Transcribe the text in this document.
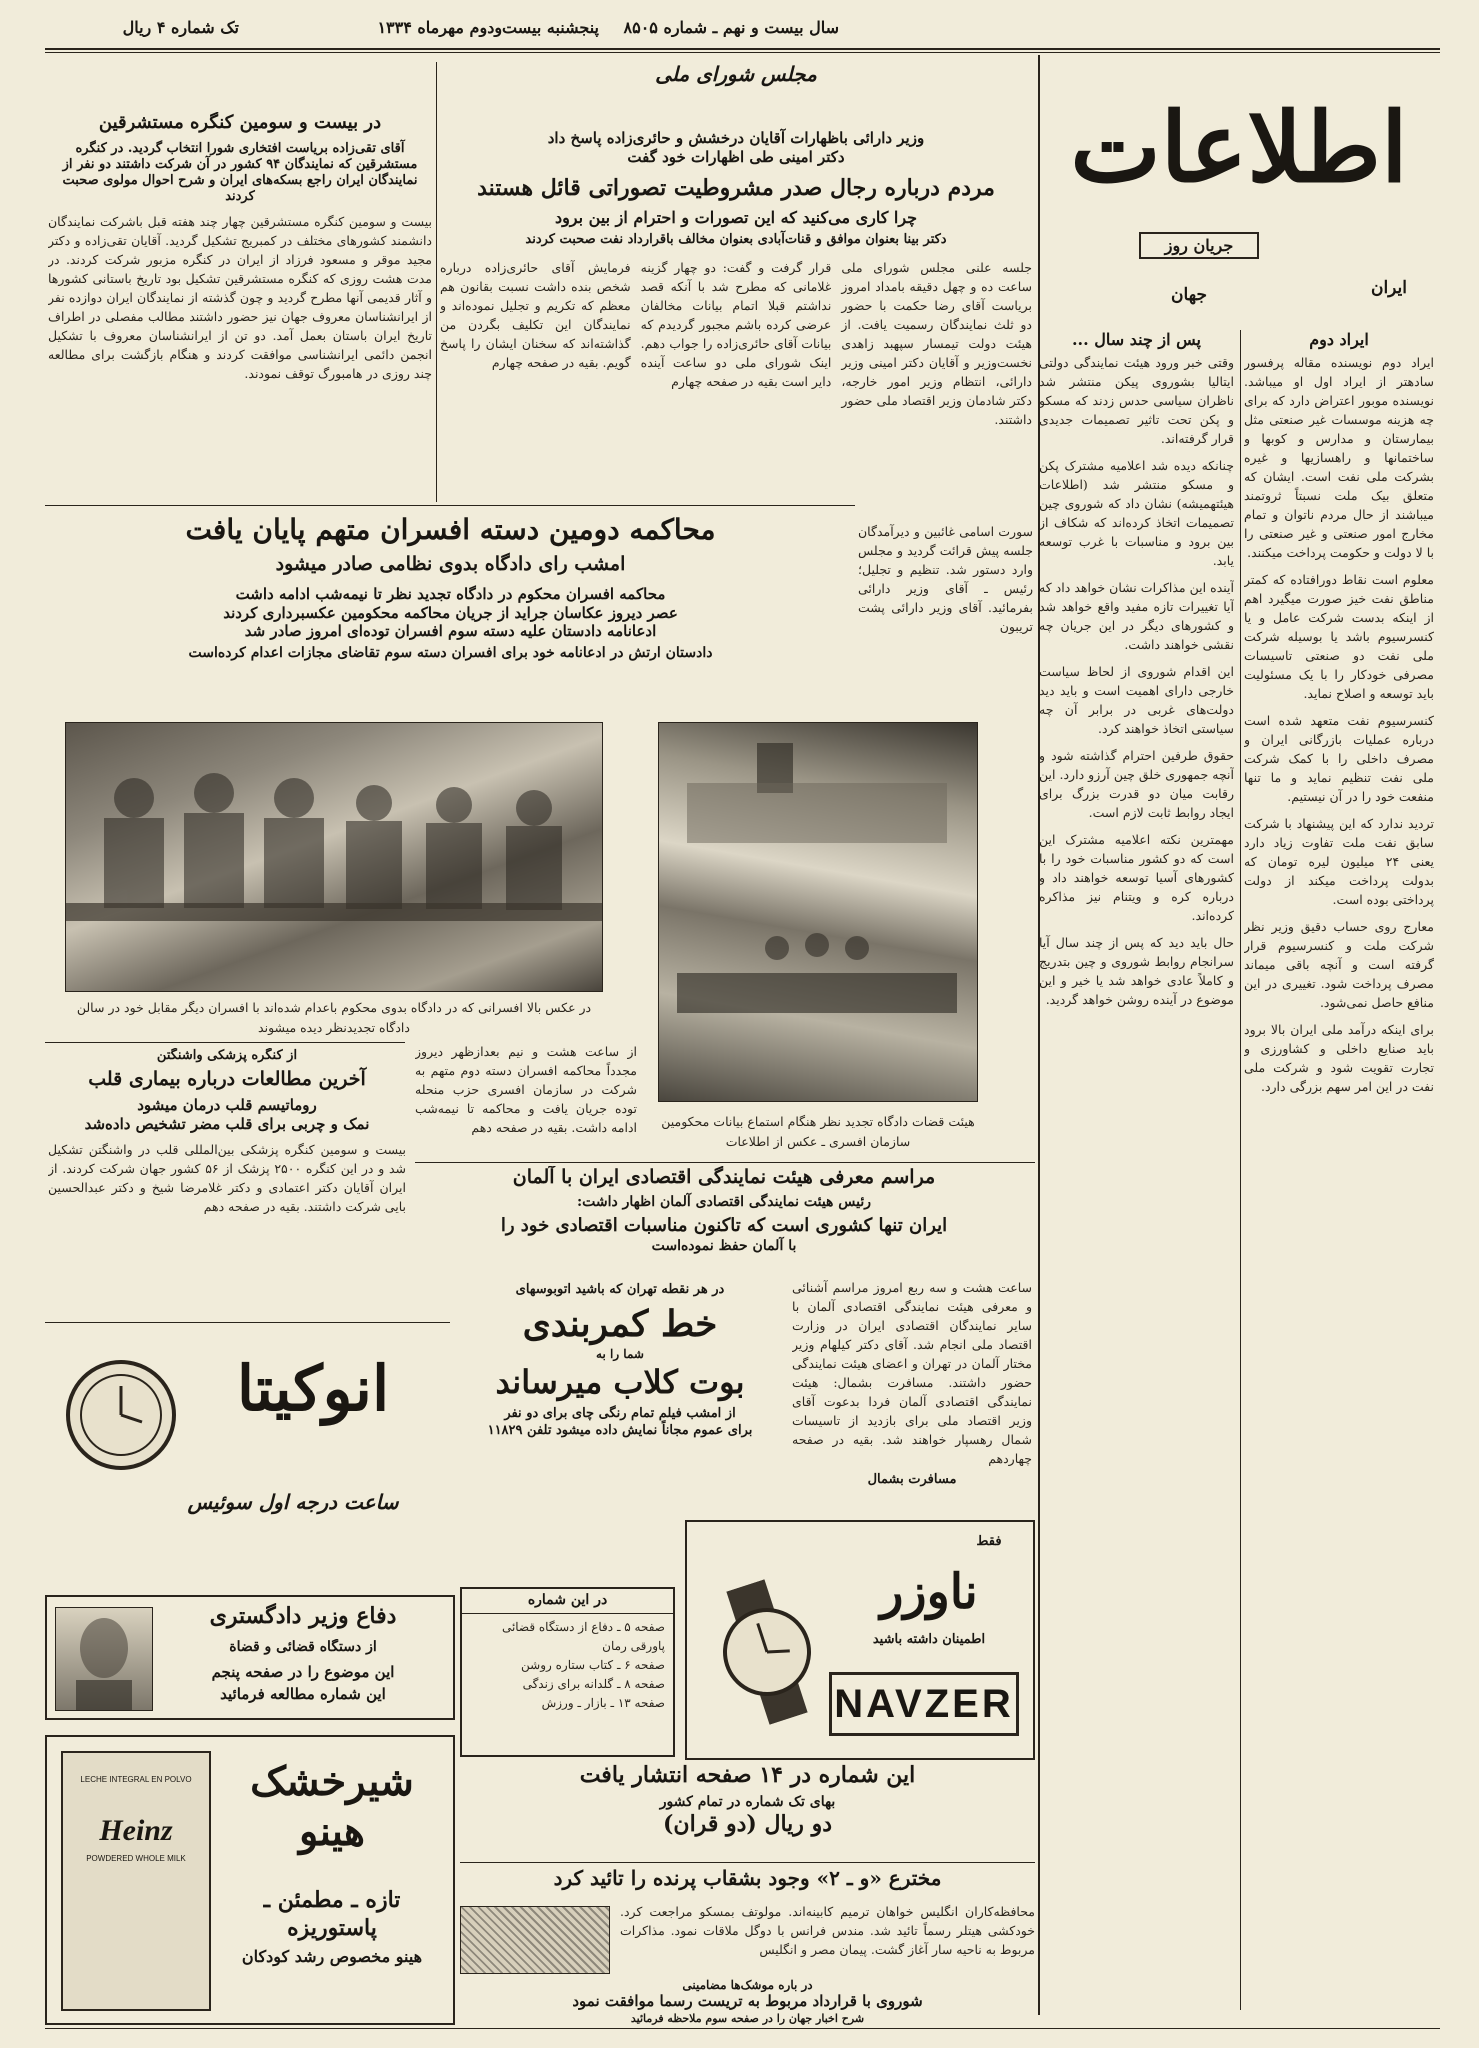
سال بیست و نهم ـ شماره ۸۵۰۵
پنجشنبه بیست‌ودوم مهرماه ۱۳۳۴
تک شماره ۴ ریال
اطلاعات
جریان روز
ایران
جهان
ایراد دوم

ایراد دوم نویسنده مقاله پرفسور سادهتر از ایراد اول او میباشد. نویسنده موبور اعتراض دارد که برای چه هزینه موسسات غیر صنعتی مثل بیمارستان و مدارس و کوبها و ساختمانها و راهسازیها و غیره بشرکت ملی نفت است. ایشان که متعلق بیک ملت نسبتاً ثروتمند میباشند از حال مردم ناتوان و تمام مخارج امور صنعتی و غیر صنعتی را با لا دولت و حکومت پرداخت میکنند.

معلوم است نقاط دورافتاده که کمتر مناطق نفت خیز صورت میگیرد اهم از اینکه بدست شرکت عامل و یا کنسرسیوم باشد یا بوسیله شرکت ملی نفت دو صنعتی تاسیسات مصرفی خودکار را با یک مسئولیت باید توسعه و اصلاح نماید.

کنسرسیوم نفت متعهد شده است درباره عملیات بازرگانی ایران و مصرف داخلی را با کمک شرکت ملی نفت تنظیم نماید و ما تنها منفعت خود را در آن نیستیم.

تردید ندارد که این پیشنهاد با شرکت سابق نفت ملت تفاوت زیاد دارد یعنی ۲۴ میلیون لیره تومان که بدولت پرداخت میکند از دولت پرداختی بوده است.

معارج روی حساب دقیق وزیر نظر شرکت ملت و کنسرسیوم قرار گرفته است و آنچه باقی میماند مصرف پرداخت شود. تغییری در این منافع حاصل نمی‌شود.

برای اینکه درآمد ملی ایران بالا برود باید صنایع داخلی و کشاورزی و تجارت تقویت شود و شرکت ملی نفت در این امر سهم بزرگی دارد.

پس از چند سال ...

وقتی خبر ورود هیئت نمایندگی دولتی ایتالیا بشوروی پیکن منتشر شد ناظران سیاسی حدس زدند که مسکو و پکن تحت تاثیر تصمیمات جدیدی قرار گرفته‌اند.

چنانکه دیده شد اعلامیه مشترک پکن و مسکو منتشر شد (اطلاعات هیئتهمیشه) نشان داد که شوروی چین تصمیمات اتخاذ کرده‌اند که شکاف از بین برود و مناسبات با غرب توسعه یابد.

آینده این مذاکرات نشان خواهد داد که آیا تغییرات تازه مفید واقع خواهد شد و کشورهای دیگر در این جریان چه نقشی خواهند داشت.

این اقدام شوروی از لحاظ سیاست خارجی دارای اهمیت است و باید دید دولت‌های غربی در برابر آن چه سیاستی اتخاذ خواهند کرد.

حقوق طرفین احترام گذاشته شود و آنچه جمهوری خلق چین آرزو دارد. این رقابت میان دو قدرت بزرگ برای ایجاد روابط ثابت لازم است.

مهمترین نکته اعلامیه مشترک این است که دو کشور مناسبات خود را با کشورهای آسیا توسعه خواهند داد و درباره کره و ویتنام نیز مذاکره کرده‌اند.

حال باید دید که پس از چند سال آیا سرانجام روابط شوروی و چین بتدریج و کاملاً عادی خواهد شد یا خیر و این موضوع در آینده روشن خواهد گردید.

مجلس شورای ملی
وزیر دارائی باظهارات آقایان درخشش و حائری‌زاده پاسخ داد
دکتر امینی طی اظهارات خود گفت
مردم درباره رجال صدر مشروطیت تصوراتی قائل هستند
چرا کاری می‌کنید که این تصورات و احترام از بین برود
دکتر بینا بعنوان موافق و قنات‌آبادی بعنوان مخالف باقرارداد نفت صحبت کردند

جلسه علنی مجلس شورای ملی ساعت ده و چهل دقیقه بامداد امروز بریاست آقای رضا حکمت با حضور دو ثلث نمایندگان رسمیت یافت. از هیئت دولت تیمسار سپهبد زاهدی نخست‌وزیر و آقایان دکتر امینی وزیر دارائی، انتظام وزیر امور خارجه، دکتر شادمان وزیر اقتصاد ملی حضور داشتند.

قرار گرفت و گفت: دو چهار گزینه غلامانی که مطرح شد با آنکه قصد نداشتم قبلا اتمام بیانات مخالفان عرضی کرده باشم مجبور گردیدم که بیانات آقای حائری‌زاده را جواب دهم. اینک شورای ملی دو ساعت آینده دایر است بقیه در صفحه چهارم

فرمایش آقای حائری‌زاده درباره شخص بنده داشت نسبت بقانون هم معظم که تکریم و تجلیل نموده‌اند و نمایندگان این تکلیف بگردن من گذاشته‌اند که سخنان ایشان را پاسخ گویم. بقیه در صفحه چهارم

سورت اسامی غائبین و دیرآمدگان جلسه پیش قرائت گردید و مجلس وارد دستور شد. تنظیم و تجلیل؛ رئیس ـ آقای وزیر دارائی بفرمائید. آقای وزیر دارائی پشت تریبون

در بیست و سومین کنگره مستشرقین
آقای تقی‌زاده بریاست افتخاری شورا انتخاب گردید. در کنگره مستشرقین که نمایندگان ۹۴ کشور در آن شرکت داشتند دو نفر از نمایندگان ایران راجع بسکه‌های ایران و شرح احوال مولوی صحبت کردند

بیست و سومین کنگره مستشرقین چهار چند هفته قبل باشرکت نمایندگان دانشمند کشورهای مختلف در کمبریج تشکیل گردید. آقایان تقی‌زاده و دکتر مجید موقر و مسعود فرزاد از ایران در کنگره مزبور شرکت کردند. در مدت هشت روزی که کنگره مستشرقین تشکیل بود تاریخ باستانی کشورها و آثار قدیمی آنها مطرح گردید و چون گذشته از نمایندگان ایران دوازده نفر از ایرانشناسان معروف جهان نیز حضور داشتند مطالب مفصلی در اطراف تاریخ ایران باستان بعمل آمد. دو تن از ایرانشناسان معروف با تشکیل انجمن دائمی ایرانشناسی موافقت کردند و هنگام بازگشت برای مطالعه چند روزی در هامبورگ توقف نمودند.

محاکمه دومین دسته افسران متهم پایان یافت
امشب رای دادگاه بدوی نظامی صادر میشود
محاکمه افسران محکوم در دادگاه تجدید نظر تا نیمه‌شب ادامه داشت
عصر دیروز عکاسان جراید از جریان محاکمه محکومین عکسبرداری کردند
ادعانامه دادستان علیه دسته سوم افسران توده‌ای امروز صادر شد
دادستان ارتش در ادعانامه خود برای افسران دسته سوم تقاضای مجازات اعدام کرده‌است
در عکس بالا افسرانی که در دادگاه بدوی محکوم باعدام شده‌اند با افسران دیگر مقابل خود در سالن دادگاه تجدیدنظر دیده میشوند
هیئت قضات دادگاه تجدید نظر هنگام استماع بیانات محکومین سازمان افسری ـ عکس از اطلاعات

از ساعت هشت و نیم بعدازظهر دیروز مجدداً محاکمه افسران دسته دوم متهم به شرکت در سازمان افسری حزب منحله توده جریان یافت و محاکمه تا نیمه‌شب ادامه داشت. بقیه در صفحه دهم

از کنگره پزشکی واشنگتن
آخرین مطالعات درباره بیماری قلب
روماتیسم قلب درمان میشود
نمک و چربی برای قلب مضر تشخیص داده‌شد

بیست و سومین کنگره پزشکی بین‌المللی قلب در واشنگتن تشکیل شد و در این کنگره ۲۵۰۰ پزشک از ۵۶ کشور جهان شرکت کردند. از ایران آقایان دکتر اعتمادی و دکتر غلامرضا شیخ و دکتر عبدالحسین بایی شرکت داشتند. بقیه در صفحه دهم

مراسم معرفی هیئت نمایندگی اقتصادی ایران با آلمان
رئیس هیئت نمایندگی اقتصادی آلمان اظهار داشت:
ایران تنها کشوری است که تاکنون مناسبات اقتصادی خود را
با آلمان حفظ نموده‌است

ساعت هشت و سه ربع امروز مراسم آشنائی و معرفی هیئت نمایندگی اقتصادی آلمان با سایر نمایندگان اقتصادی ایران در وزارت اقتصاد ملی انجام شد. آقای دکتر کیلهام وزیر مختار آلمان در تهران و اعضای هیئت نمایندگی حضور داشتند. مسافرت بشمال: هیئت نمایندگی اقتصادی آلمان فردا بدعوت آقای وزیر اقتصاد ملی برای بازدید از تاسیسات شمال رهسپار خواهند شد. بقیه در صفحه چهاردهم

مسافرت بشمال
در هر نقطه تهران که باشید اتوبوسهای
خط کمربندی
شما را به
بوت کلاب میرساند
از امشب فیلم تمام رنگی چای برای دو نفر
برای عموم مجاناً نمایش داده میشود تلفن ۱۱۸۲۹
انوکیتا
ساعت درجه اول سوئیس
دفاع وزیر دادگستری
از دستگاه قضائی و قضاة
این موضوع را در صفحه پنجم
این شماره مطالعه فرمائید
LECHE INTEGRAL EN POLVO
Heinz
POWDERED WHOLE MILK
شیرخشک هینو
تازه ـ مطمئن ـ پاستوریزه
هینو مخصوص رشد کودکان
در این شماره
صفحه ۵ ـ دفاع از دستگاه قضائی
پاورقی رمان
صفحه ۶ ـ کتاب ستاره روشن
صفحه ۸ ـ گلدانه برای زندگی
صفحه ۱۳ ـ بازار ـ ورزش
فقط
ناوزر
اطمینان داشته باشید
NAVZER
این شماره در ۱۴ صفحه انتشار یافت
بهای تک شماره در تمام کشور
دو ریال (دو قران)
مخترع «و ـ ۲» وجود بشقاب پرنده را تائید کرد

محافظه‌کاران انگلیس خواهان ترمیم کابینه‌اند. مولوتف بمسکو مراجعت کرد. خودکشی هیتلر رسماً تائید شد. مندس فرانس با دوگل ملاقات نمود. مذاکرات مربوط به ناحیه سار آغاز گشت. پیمان مصر و انگلیس

در باره موشک‌ها مضامینی
شوروی با قرارداد مربوط به تریست رسما موافقت نمود
شرح اخبار جهان را در صفحه سوم ملاحظه فرمائید
